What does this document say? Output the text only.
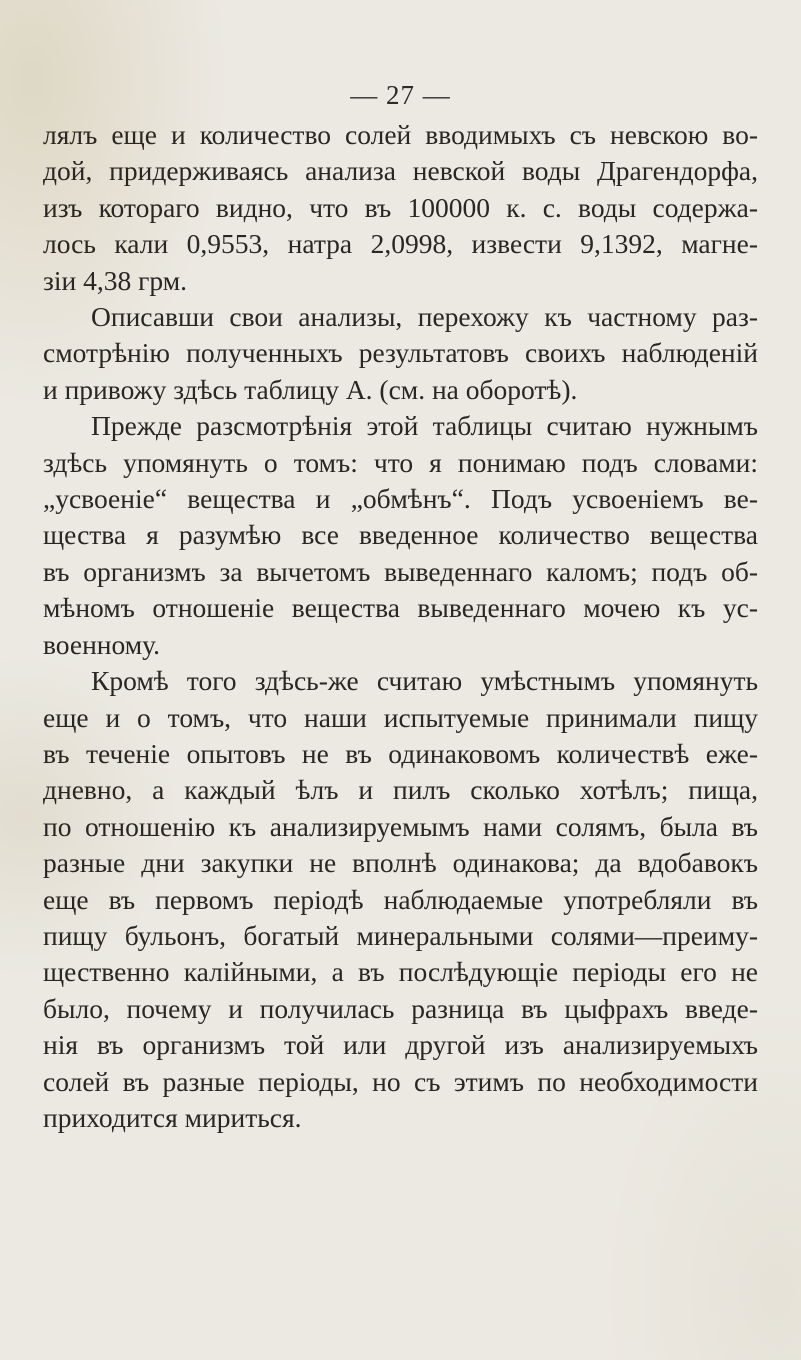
— 27 —

лялъ еще и количество солей вводимыхъ съ невскою во-
дой, придерживаясь анализа невской воды Драгендорфа,
изъ котораго видно, что въ 100000 к. с. воды содержа-
лось кали 0,9553, натра 2,0998, извести 9,1392, магне-
зіи 4,38 грм.

Описавши свои анализы, перехожу къ частному раз-
смотрѣнію полученныхъ результатовъ своихъ наблюденій
и привожу здѣсь таблицу А. (см. на оборотѣ).

Прежде разсмотрѣнія этой таблицы считаю нужнымъ
здѣсь упомянуть о томъ: что я понимаю подъ словами:
„усвоеніе“ вещества и „обмѣнъ“. Подъ усвоеніемъ ве-
щества я разумѣю все введенное количество вещества
въ организмъ за вычетомъ выведеннаго каломъ; подъ об-
мѣномъ отношеніе вещества выведеннаго мочею къ ус-
военному.

Кромѣ того здѣсь-же считаю умѣстнымъ упомянуть
еще и о томъ, что наши испытуемые принимали пищу
въ теченіе опытовъ не въ одинаковомъ количествѣ еже-
дневно, а каждый ѣлъ и пилъ сколько хотѣлъ; пища,
по отношенію къ анализируемымъ нами солямъ, была въ
разные дни закупки не вполнѣ одинакова; да вдобавокъ
еще въ первомъ періодѣ наблюдаемые употребляли въ
пищу бульонъ, богатый минеральными солями—преиму-
щественно калійными, а въ послѣдующіе періоды его не
было, почему и получилась разница въ цыфрахъ введе-
нія въ организмъ той или другой изъ анализируемыхъ
солей въ разные періоды, но съ этимъ по необходимости
приходится мириться.
